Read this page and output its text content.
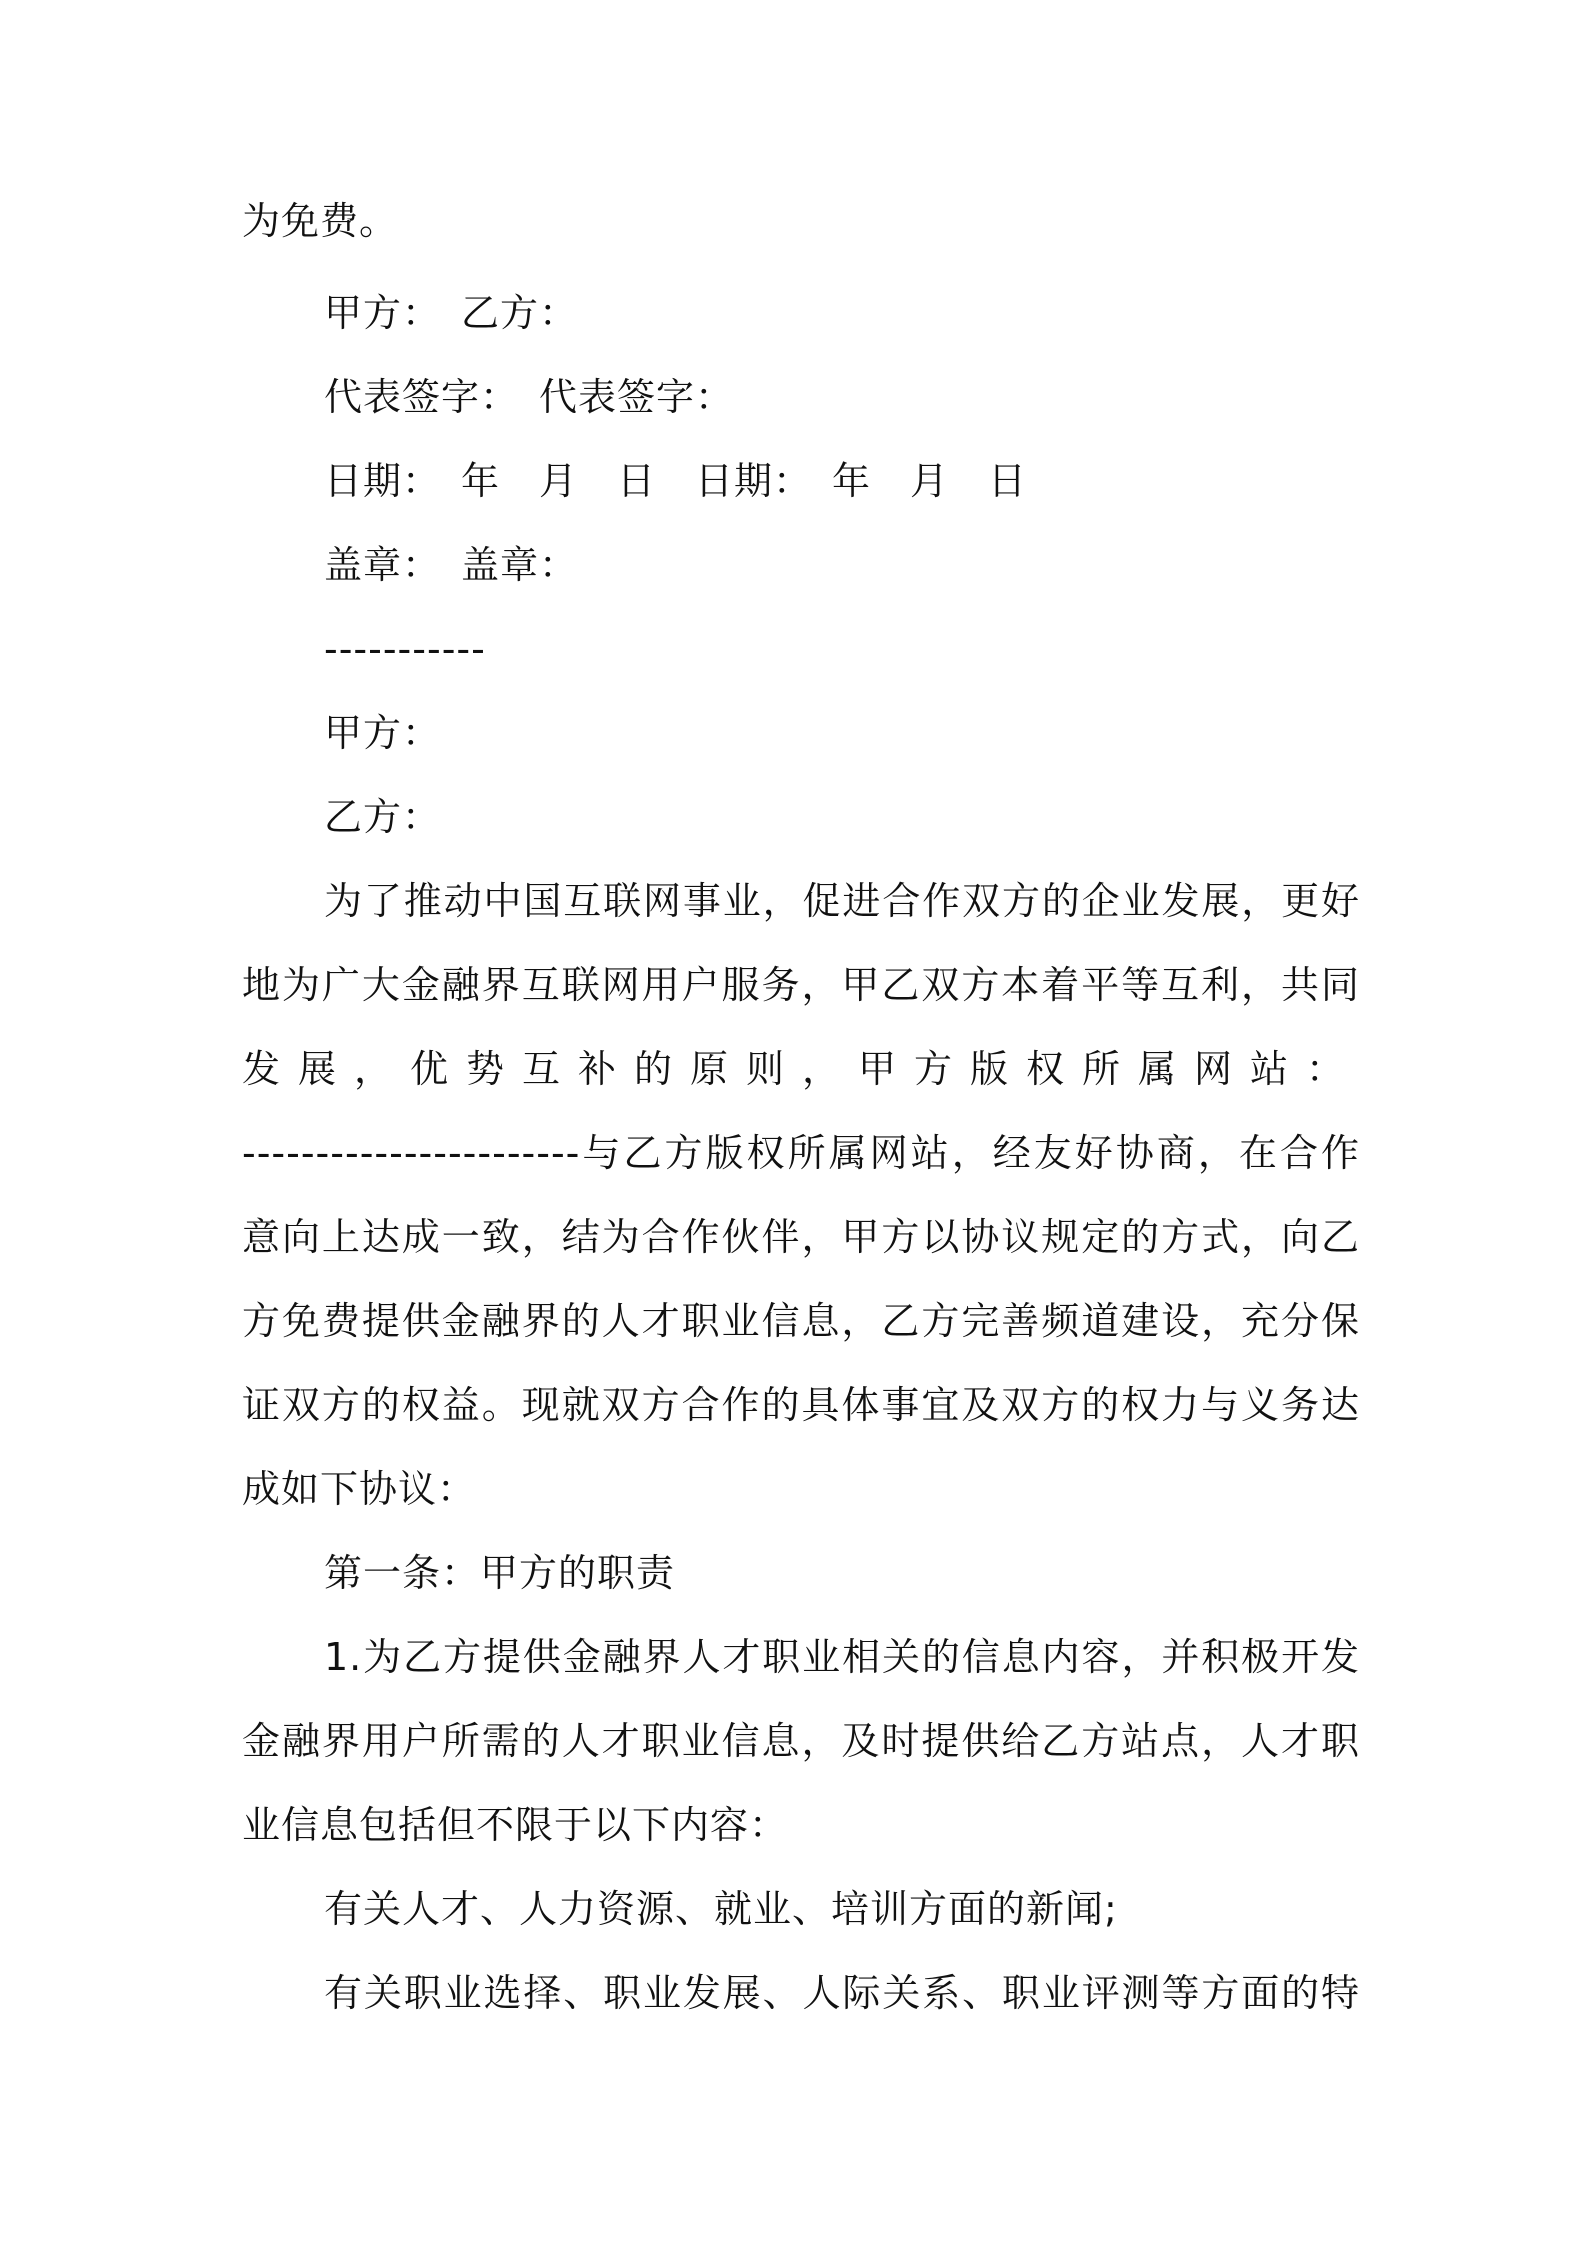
为免费。
甲方：　乙方：
代表签字：　代表签字：
日期：　年　月　日　日期：　年　月　日
盖章：　盖章：
-----------
甲方：
乙方：
为了推动中国互联网事业，促进合作双方的企业发展，更好
地为广大金融界互联网用户服务，甲乙双方本着平等互利，共同
发展，优势互补的原则，甲方版权所属网站：
-----------------------与乙方版权所属网站，经友好协商，在合作
意向上达成一致，结为合作伙伴，甲方以协议规定的方式，向乙
方免费提供金融界的人才职业信息，乙方完善频道建设，充分保
证双方的权益。现就双方合作的具体事宜及双方的权力与义务达
成如下协议：
第一条：甲方的职责
1.为乙方提供金融界人才职业相关的信息内容，并积极开发
金融界用户所需的人才职业信息，及时提供给乙方站点，人才职
业信息包括但不限于以下内容：
有关人才、人力资源、就业、培训方面的新闻;
有关职业选择、职业发展、人际关系、职业评测等方面的特
